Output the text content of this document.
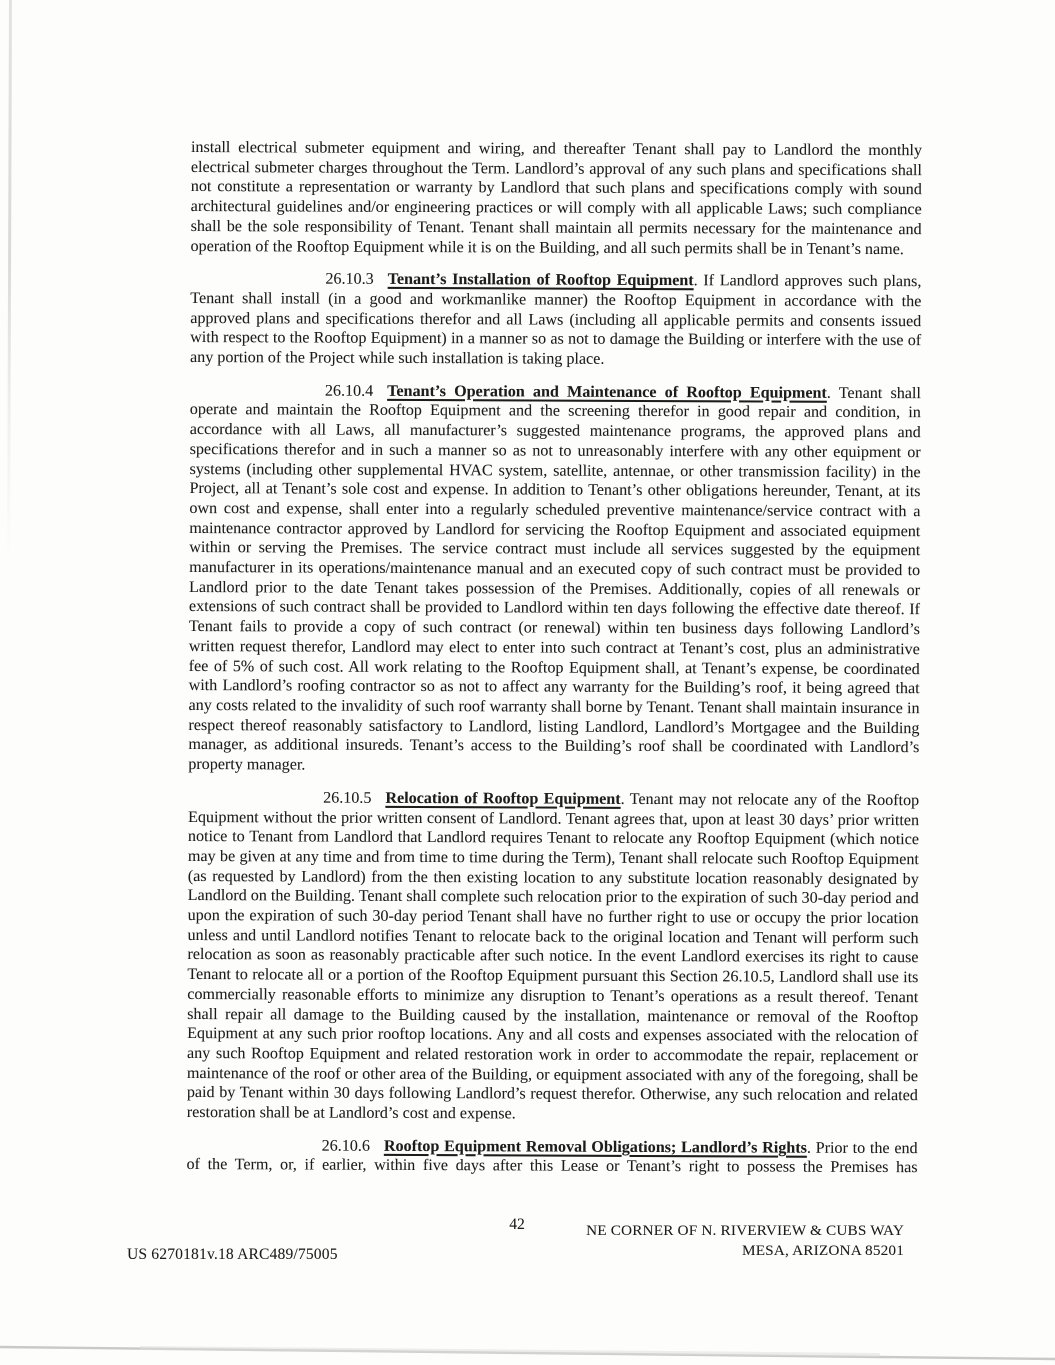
install electrical submeter equipment and wiring, and thereafter Tenant shall pay to Landlord the monthly electrical submeter charges throughout the Term. Landlord’s approval of any such plans and specifications shall not constitute a representation or warranty by Landlord that such plans and specifications comply with sound architectural guidelines and/or engineering practices or will comply with all applicable Laws; such compliance shall be the sole responsibility of Tenant. Tenant shall maintain all permits necessary for the maintenance and operation of the Rooftop Equipment while it is on the Building, and all such permits shall be in Tenant’s name.

26.10.3 Tenant’s Installation of Rooftop Equipment. If Landlord approves such plans, Tenant shall install (in a good and workmanlike manner) the Rooftop Equipment in accordance with the approved plans and specifications therefor and all Laws (including all applicable permits and consents issued with respect to the Rooftop Equipment) in a manner so as not to damage the Building or interfere with the use of any portion of the Project while such installation is taking place.

26.10.4 Tenant’s Operation and Maintenance of Rooftop Equipment. Tenant shall operate and maintain the Rooftop Equipment and the screening therefor in good repair and condition, in accordance with all Laws, all manufacturer’s suggested maintenance programs, the approved plans and specifications therefor and in such a manner so as not to unreasonably interfere with any other equipment or systems (including other supplemental HVAC system, satellite, antennae, or other transmission facility) in the Project, all at Tenant’s sole cost and expense. In addition to Tenant’s other obligations hereunder, Tenant, at its own cost and expense, shall enter into a regularly scheduled preventive maintenance/service contract with a maintenance contractor approved by Landlord for servicing the Rooftop Equipment and associated equipment within or serving the Premises. The service contract must include all services suggested by the equipment manufacturer in its operations/maintenance manual and an executed copy of such contract must be provided to Landlord prior to the date Tenant takes possession of the Premises. Additionally, copies of all renewals or extensions of such contract shall be provided to Landlord within ten days following the effective date thereof. If Tenant fails to provide a copy of such contract (or renewal) within ten business days following Landlord’s written request therefor, Landlord may elect to enter into such contract at Tenant’s cost, plus an administrative fee of 5% of such cost. All work relating to the Rooftop Equipment shall, at Tenant’s expense, be coordinated with Landlord’s roofing contractor so as not to affect any warranty for the Building’s roof, it being agreed that any costs related to the invalidity of such roof warranty shall borne by Tenant. Tenant shall maintain insurance in respect thereof reasonably satisfactory to Landlord, listing Landlord, Landlord’s Mortgagee and the Building manager, as additional insureds. Tenant’s access to the Building’s roof shall be coordinated with Landlord’s property manager.

26.10.5 Relocation of Rooftop Equipment. Tenant may not relocate any of the Rooftop Equipment without the prior written consent of Landlord. Tenant agrees that, upon at least 30 days’ prior written notice to Tenant from Landlord that Landlord requires Tenant to relocate any Rooftop Equipment (which notice may be given at any time and from time to time during the Term), Tenant shall relocate such Rooftop Equipment (as requested by Landlord) from the then existing location to any substitute location reasonably designated by Landlord on the Building. Tenant shall complete such relocation prior to the expiration of such 30-day period and upon the expiration of such 30-day period Tenant shall have no further right to use or occupy the prior location unless and until Landlord notifies Tenant to relocate back to the original location and Tenant will perform such relocation as soon as reasonably practicable after such notice. In the event Landlord exercises its right to cause Tenant to relocate all or a portion of the Rooftop Equipment pursuant this Section 26.10.5, Landlord shall use its commercially reasonable efforts to minimize any disruption to Tenant’s operations as a result thereof. Tenant shall repair all damage to the Building caused by the installation, maintenance or removal of the Rooftop Equipment at any such prior rooftop locations. Any and all costs and expenses associated with the relocation of any such Rooftop Equipment and related restoration work in order to accommodate the repair, replacement or maintenance of the roof or other area of the Building, or equipment associated with any of the foregoing, shall be paid by Tenant within 30 days following Landlord’s request therefor. Otherwise, any such relocation and related restoration shall be at Landlord’s cost and expense.

26.10.6 Rooftop Equipment Removal Obligations; Landlord’s Rights. Prior to the end of the Term, or, if earlier, within five days after this Lease or Tenant’s right to possess the Premises has

42	NE CORNER OF N. RIVERVIEW & CUBS WAY
MESA, ARIZONA 85201
US 6270181v.18 ARC489/75005
